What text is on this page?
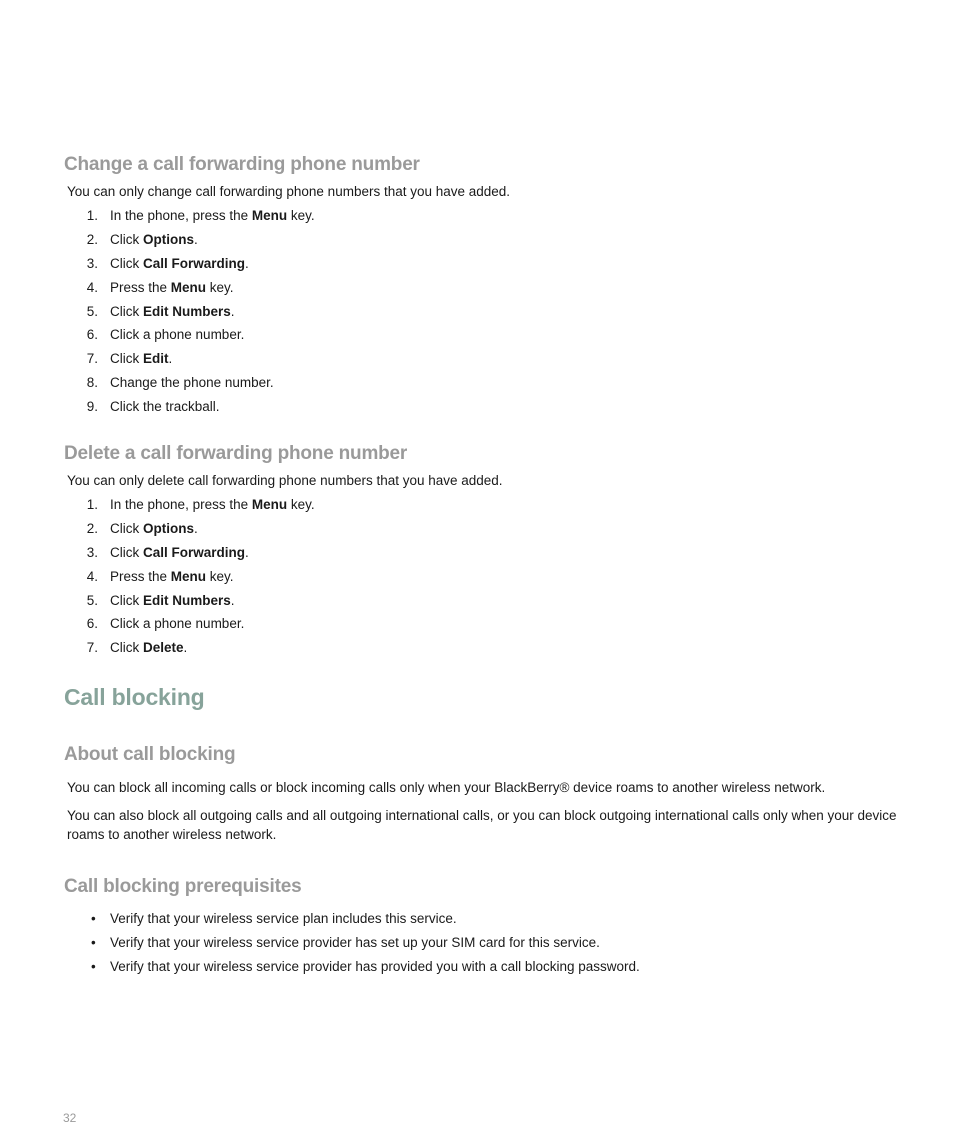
Change a call forwarding phone number

You can only change call forwarding phone numbers that you have added.

1. In the phone, press the Menu key.
2. Click Options.
3. Click Call Forwarding.
4. Press the Menu key.
5. Click Edit Numbers.
6. Click a phone number.
7. Click Edit.
8. Change the phone number.
9. Click the trackball.
Delete a call forwarding phone number

You can only delete call forwarding phone numbers that you have added.

1. In the phone, press the Menu key.
2. Click Options.
3. Click Call Forwarding.
4. Press the Menu key.
5. Click Edit Numbers.
6. Click a phone number.
7. Click Delete.
Call blocking
About call blocking

You can block all incoming calls or block incoming calls only when your BlackBerry® device roams to another wireless network.

You can also block all outgoing calls and all outgoing international calls, or you can block outgoing international calls only when your device roams to another wireless network.

Call blocking prerequisites
• Verify that your wireless service plan includes this service.
• Verify that your wireless service provider has set up your SIM card for this service.
• Verify that your wireless service provider has provided you with a call blocking password.
32
